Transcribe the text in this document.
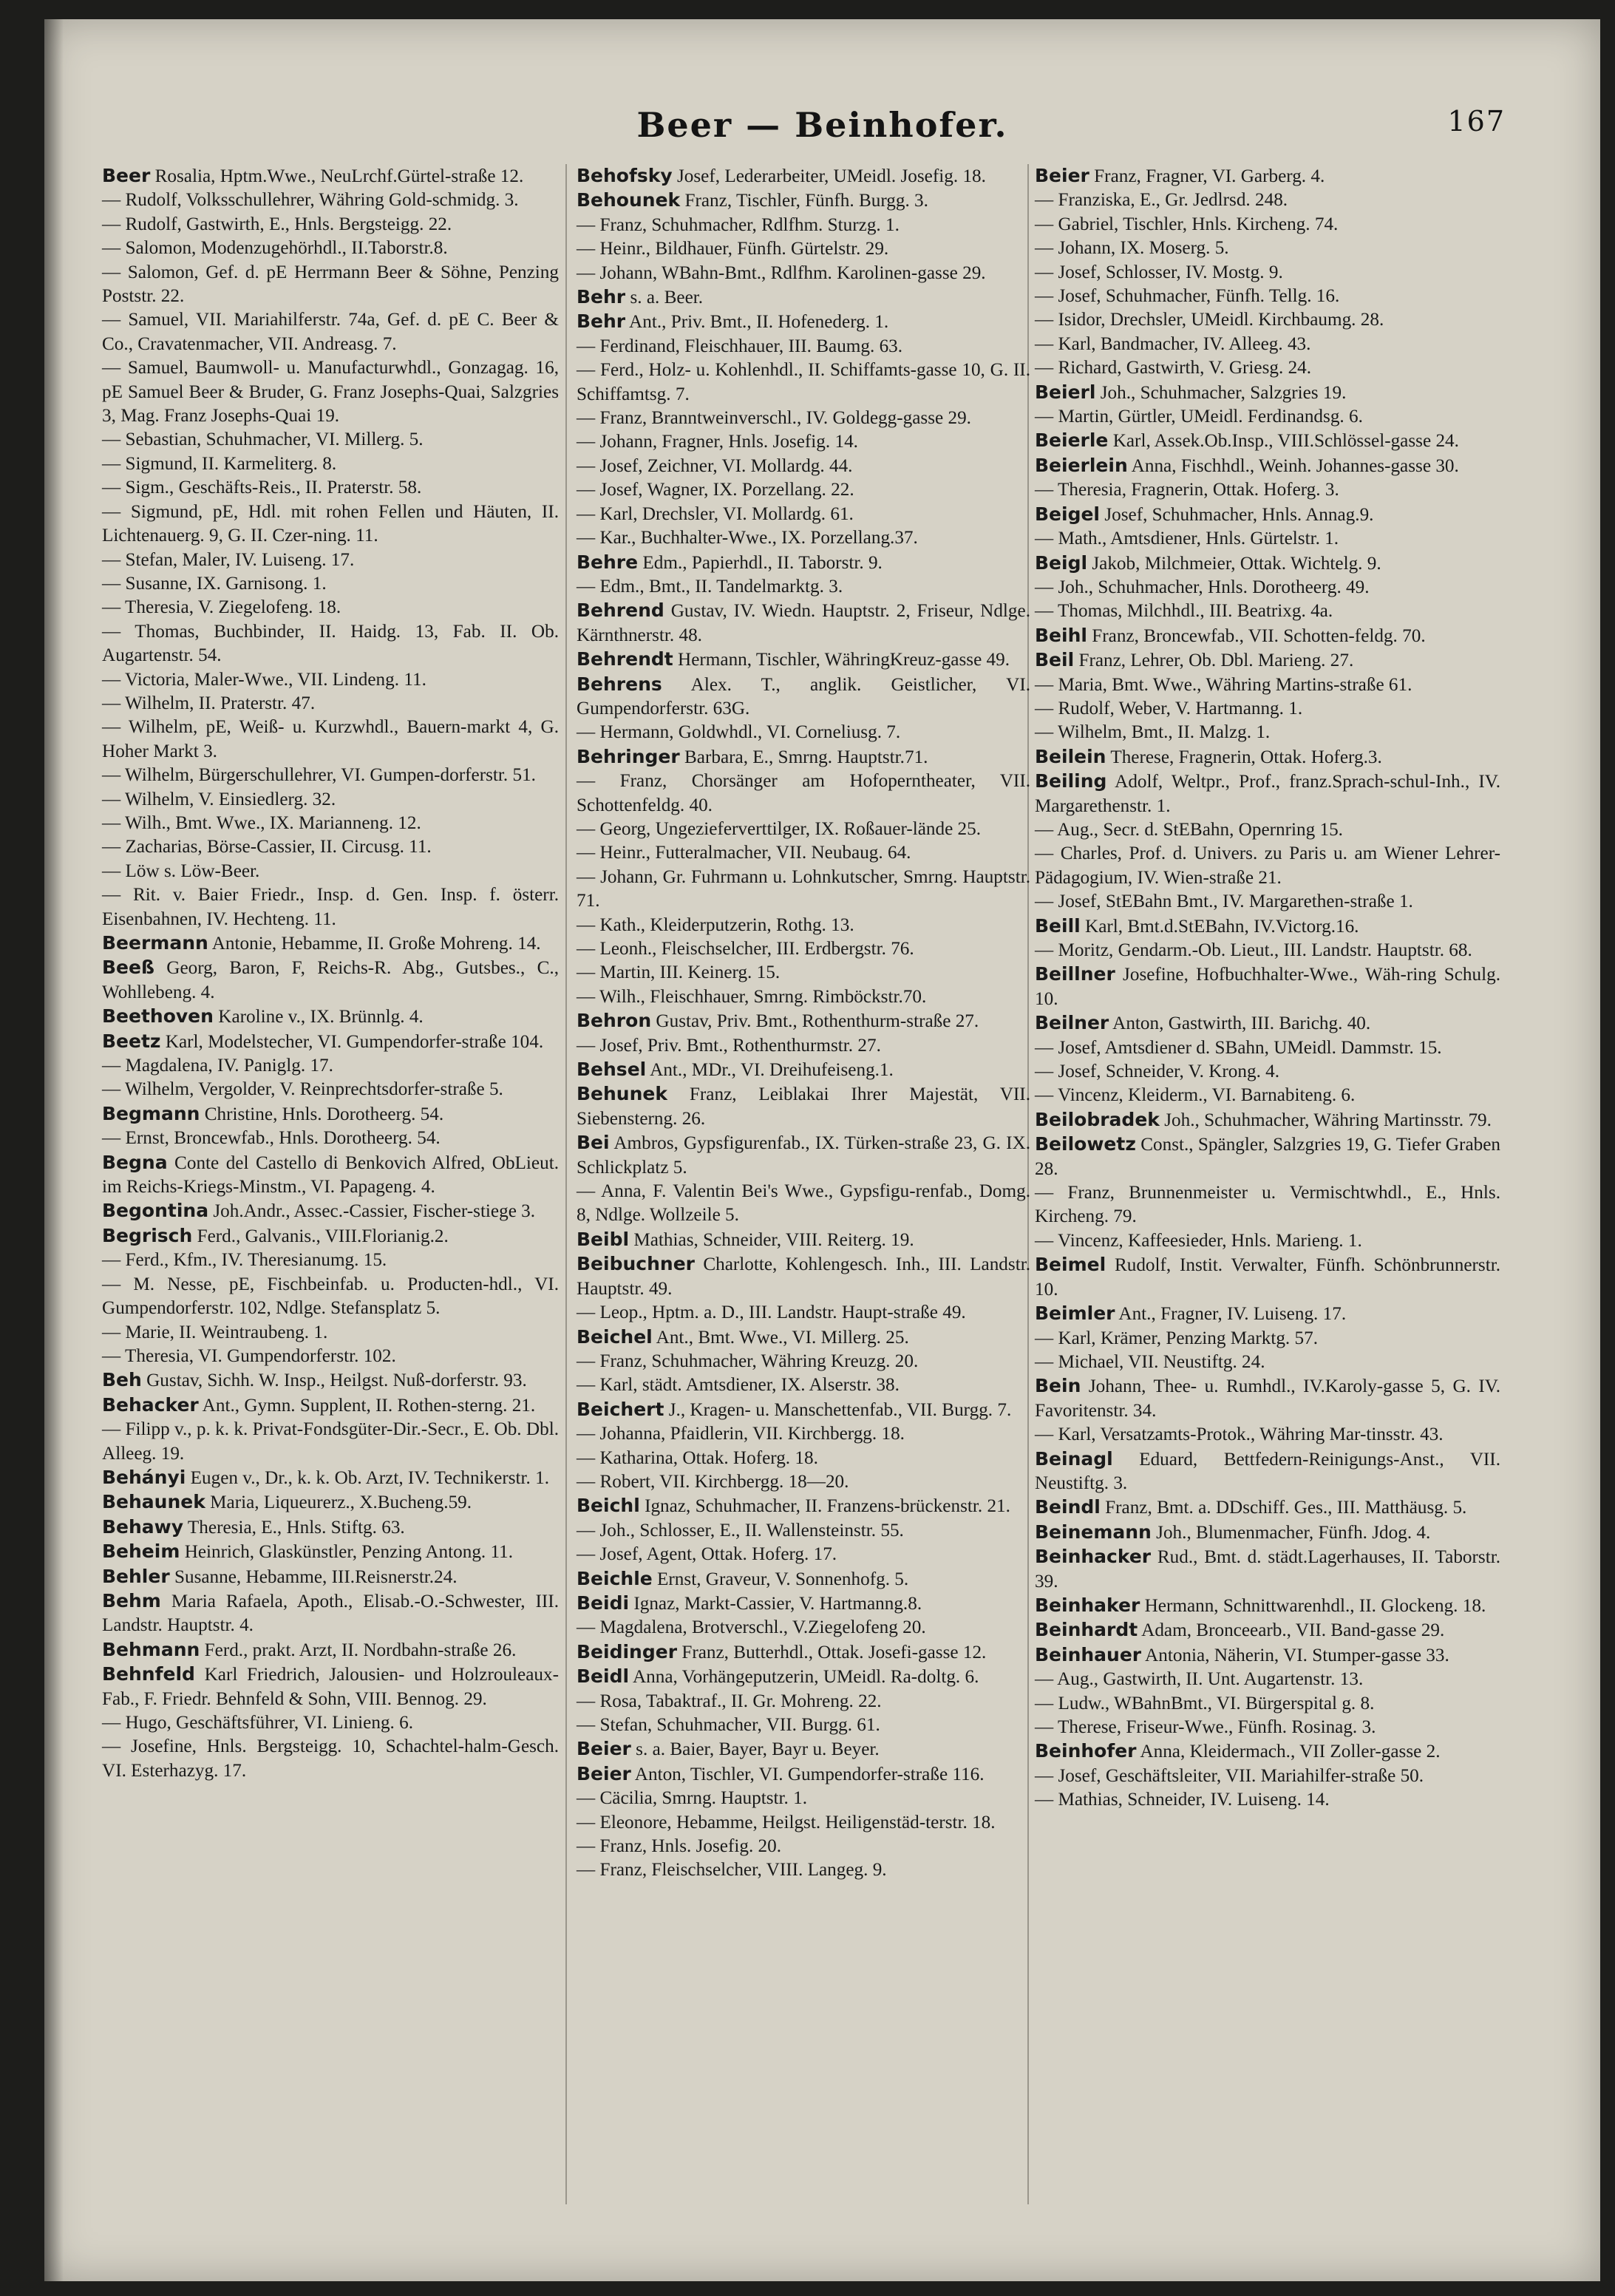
Beer — Beinhofer.	167
Beer Rosalia, Hptm.Wwe., NeuLrchf.Gürtel-straße 12.
— Rudolf, Volksschullehrer, Währing Gold-schmidg. 3.
— Rudolf, Gastwirth, E., Hnls. Bergsteigg. 22.
— Salomon, Modenzugehörhdl., II.Taborstr.8.
— Salomon, Gef. d. pE Herrmann Beer & Söhne, Penzing Poststr. 22.
— Samuel, VII. Mariahilferstr. 74a, Gef. d. pE C. Beer & Co., Cravatenmacher, VII. Andreasg. 7.
— Samuel, Baumwoll- u. Manufacturwhdl., Gonzagag. 16, pE Samuel Beer & Bruder, G. Franz Josephs-Quai, Salzgries 3, Mag. Franz Josephs-Quai 19.
— Sebastian, Schuhmacher, VI. Millerg. 5.
— Sigmund, II. Karmeliterg. 8.
— Sigm., Geschäfts-Reis., II. Praterstr. 58.
— Sigmund, pE, Hdl. mit rohen Fellen und Häuten, II. Lichtenauerg. 9, G. II. Czer-ning. 11.
— Stefan, Maler, IV. Luiseng. 17.
— Susanne, IX. Garnisong. 1.
— Theresia, V. Ziegelofeng. 18.
— Thomas, Buchbinder, II. Haidg. 13, Fab. II. Ob. Augartenstr. 54.
— Victoria, Maler-Wwe., VII. Lindeng. 11.
— Wilhelm, II. Praterstr. 47.
— Wilhelm, pE, Weiß- u. Kurzwhdl., Bauern-markt 4, G. Hoher Markt 3.
— Wilhelm, Bürgerschullehrer, VI. Gumpen-dorferstr. 51.
— Wilhelm, V. Einsiedlerg. 32.
— Wilh., Bmt. Wwe., IX. Marianneng. 12.
— Zacharias, Börse-Cassier, II. Circusg. 11.
— Löw s. Löw-Beer.
— Rit. v. Baier Friedr., Insp. d. Gen. Insp. f. österr. Eisenbahnen, IV. Hechteng. 11.
Beermann Antonie, Hebamme, II. Große Mohreng. 14.
Beeß Georg, Baron, F, Reichs-R. Abg., Gutsbes., C., Wohllebeng. 4.
Beethoven Karoline v., IX. Brünnlg. 4.
Beetz Karl, Modelstecher, VI. Gumpendorfer-straße 104.
— Magdalena, IV. Paniglg. 17.
— Wilhelm, Vergolder, V. Reinprechtsdorfer-straße 5.
Begmann Christine, Hnls. Dorotheerg. 54.
— Ernst, Broncewfab., Hnls. Dorotheerg. 54.
Begna Conte del Castello di Benkovich Alfred, ObLieut. im Reichs-Kriegs-Minstm., VI. Papageng. 4.
Begontina Joh.Andr., Assec.-Cassier, Fischer-stiege 3.
Begrisch Ferd., Galvanis., VIII.Florianig.2.
— Ferd., Kfm., IV. Theresianumg. 15.
— M. Nesse, pE, Fischbeinfab. u. Producten-hdl., VI. Gumpendorferstr. 102, Ndlge. Stefansplatz 5.
— Marie, II. Weintraubeng. 1.
— Theresia, VI. Gumpendorferstr. 102.
Beh Gustav, Sichh. W. Insp., Heilgst. Nuß-dorferstr. 93.
Behacker Ant., Gymn. Supplent, II. Rothen-sterng. 21.
— Filipp v., p. k. k. Privat-Fondsgüter-Dir.-Secr., E. Ob. Dbl. Alleeg. 19.
Behányi Eugen v., Dr., k. k. Ob. Arzt, IV. Technikerstr. 1.
Behaunek Maria, Liqueurerz., X.Bucheng.59.
Behawy Theresia, E., Hnls. Stiftg. 63.
Beheim Heinrich, Glaskünstler, Penzing Antong. 11.
Behler Susanne, Hebamme, III.Reisnerstr.24.
Behm Maria Rafaela, Apoth., Elisab.-O.-Schwester, III. Landstr. Hauptstr. 4.
Behmann Ferd., prakt. Arzt, II. Nordbahn-straße 26.
Behnfeld Karl Friedrich, Jalousien- und Holzrouleaux-Fab., F. Friedr. Behnfeld & Sohn, VIII. Bennog. 29.
— Hugo, Geschäftsführer, VI. Linieng. 6.
— Josefine, Hnls. Bergsteigg. 10, Schachtel-halm-Gesch. VI. Esterhazyg. 17.
Behofsky Josef, Lederarbeiter, UMeidl. Josefig. 18.
Behounek Franz, Tischler, Fünfh. Burgg. 3.
— Franz, Schuhmacher, Rdlfhm. Sturzg. 1.
— Heinr., Bildhauer, Fünfh. Gürtelstr. 29.
— Johann, WBahn-Bmt., Rdlfhm. Karolinen-gasse 29.
Behr s. a. Beer.
Behr Ant., Priv. Bmt., II. Hofenederg. 1.
— Ferdinand, Fleischhauer, III. Baumg. 63.
— Ferd., Holz- u. Kohlenhdl., II. Schiffamts-gasse 10, G. II. Schiffamtsg. 7.
— Franz, Branntweinverschl., IV. Goldegg-gasse 29.
— Johann, Fragner, Hnls. Josefig. 14.
— Josef, Zeichner, VI. Mollardg. 44.
— Josef, Wagner, IX. Porzellang. 22.
— Karl, Drechsler, VI. Mollardg. 61.
— Kar., Buchhalter-Wwe., IX. Porzellang.37.
Behre Edm., Papierhdl., II. Taborstr. 9.
— Edm., Bmt., II. Tandelmarktg. 3.
Behrend Gustav, IV. Wiedn. Hauptstr. 2, Friseur, Ndlge. Kärnthnerstr. 48.
Behrendt Hermann, Tischler, WähringKreuz-gasse 49.
Behrens Alex. T., anglik. Geistlicher, VI. Gumpendorferstr. 63G.
— Hermann, Goldwhdl., VI. Corneliusg. 7.
Behringer Barbara, E., Smrng. Hauptstr.71.
— Franz, Chorsänger am Hofoperntheater, VII. Schottenfeldg. 40.
— Georg, Ungezieferverttilger, IX. Roßauer-lände 25.
— Heinr., Futteralmacher, VII. Neubaug. 64.
— Johann, Gr. Fuhrmann u. Lohnkutscher, Smrng. Hauptstr. 71.
— Kath., Kleiderputzerin, Rothg. 13.
— Leonh., Fleischselcher, III. Erdbergstr. 76.
— Martin, III. Keinerg. 15.
— Wilh., Fleischhauer, Smrng. Rimböckstr.70.
Behron Gustav, Priv. Bmt., Rothenthurm-straße 27.
— Josef, Priv. Bmt., Rothenthurmstr. 27.
Behsel Ant., MDr., VI. Dreihufeiseng.1.
Behunek Franz, Leiblakai Ihrer Majestät, VII. Siebensterng. 26.
Bei Ambros, Gypsfigurenfab., IX. Türken-straße 23, G. IX. Schlickplatz 5.
— Anna, F. Valentin Bei's Wwe., Gypsfigu-renfab., Domg. 8, Ndlge. Wollzeile 5.
Beibl Mathias, Schneider, VIII. Reiterg. 19.
Beibuchner Charlotte, Kohlengesch. Inh., III. Landstr. Hauptstr. 49.
— Leop., Hptm. a. D., III. Landstr. Haupt-straße 49.
Beichel Ant., Bmt. Wwe., VI. Millerg. 25.
— Franz, Schuhmacher, Währing Kreuzg. 20.
— Karl, städt. Amtsdiener, IX. Alserstr. 38.
Beichert J., Kragen- u. Manschettenfab., VII. Burgg. 7.
— Johanna, Pfaidlerin, VII. Kirchbergg. 18.
— Katharina, Ottak. Hoferg. 18.
— Robert, VII. Kirchbergg. 18—20.
Beichl Ignaz, Schuhmacher, II. Franzens-brückenstr. 21.
— Joh., Schlosser, E., II. Wallensteinstr. 55.
— Josef, Agent, Ottak. Hoferg. 17.
Beichle Ernst, Graveur, V. Sonnenhofg. 5.
Beidi Ignaz, Markt-Cassier, V. Hartmanng.8.
— Magdalena, Brotverschl., V.Ziegelofeng 20.
Beidinger Franz, Butterhdl., Ottak. Josefi-gasse 12.
Beidl Anna, Vorhängeputzerin, UMeidl. Ra-doltg. 6.
— Rosa, Tabaktraf., II. Gr. Mohreng. 22.
— Stefan, Schuhmacher, VII. Burgg. 61.
Beier s. a. Baier, Bayer, Bayr u. Beyer.
Beier Anton, Tischler, VI. Gumpendorfer-straße 116.
— Cäcilia, Smrng. Hauptstr. 1.
— Eleonore, Hebamme, Heilgst. Heiligenstäd-terstr. 18.
— Franz, Hnls. Josefig. 20.
— Franz, Fleischselcher, VIII. Langeg. 9.
Beier Franz, Fragner, VI. Garberg. 4.
— Franziska, E., Gr. Jedlrsd. 248.
— Gabriel, Tischler, Hnls. Kircheng. 74.
— Johann, IX. Moserg. 5.
— Josef, Schlosser, IV. Mostg. 9.
— Josef, Schuhmacher, Fünfh. Tellg. 16.
— Isidor, Drechsler, UMeidl. Kirchbaumg. 28.
— Karl, Bandmacher, IV. Alleeg. 43.
— Richard, Gastwirth, V. Griesg. 24.
Beierl Joh., Schuhmacher, Salzgries 19.
— Martin, Gürtler, UMeidl. Ferdinandsg. 6.
Beierle Karl, Assek.Ob.Insp., VIII.Schlössel-gasse 24.
Beierlein Anna, Fischhdl., Weinh. Johannes-gasse 30.
— Theresia, Fragnerin, Ottak. Hoferg. 3.
Beigel Josef, Schuhmacher, Hnls. Annag.9.
— Math., Amtsdiener, Hnls. Gürtelstr. 1.
Beigl Jakob, Milchmeier, Ottak. Wichtelg. 9.
— Joh., Schuhmacher, Hnls. Dorotheerg. 49.
— Thomas, Milchhdl., III. Beatrixg. 4a.
Beihl Franz, Broncewfab., VII. Schotten-feldg. 70.
Beil Franz, Lehrer, Ob. Dbl. Marieng. 27.
— Maria, Bmt. Wwe., Währing Martins-straße 61.
— Rudolf, Weber, V. Hartmanng. 1.
— Wilhelm, Bmt., II. Malzg. 1.
Beilein Therese, Fragnerin, Ottak. Hoferg.3.
Beiling Adolf, Weltpr., Prof., franz.Sprach-schul-Inh., IV. Margarethenstr. 1.
— Aug., Secr. d. StEBahn, Opernring 15.
— Charles, Prof. d. Univers. zu Paris u. am Wiener Lehrer-Pädagogium, IV. Wien-straße 21.
— Josef, StEBahn Bmt., IV. Margarethen-straße 1.
Beill Karl, Bmt.d.StEBahn, IV.Victorg.16.
— Moritz, Gendarm.-Ob. Lieut., III. Landstr. Hauptstr. 68.
Beillner Josefine, Hofbuchhalter-Wwe., Wäh-ring Schulg. 10.
Beilner Anton, Gastwirth, III. Barichg. 40.
— Josef, Amtsdiener d. SBahn, UMeidl. Dammstr. 15.
— Josef, Schneider, V. Krong. 4.
— Vincenz, Kleiderm., VI. Barnabiteng. 6.
Beilobradek Joh., Schuhmacher, Währing Martinsstr. 79.
Beilowetz Const., Spängler, Salzgries 19, G. Tiefer Graben 28.
— Franz, Brunnenmeister u. Vermischtwhdl., E., Hnls. Kircheng. 79.
— Vincenz, Kaffeesieder, Hnls. Marieng. 1.
Beimel Rudolf, Instit. Verwalter, Fünfh. Schönbrunnerstr. 10.
Beimler Ant., Fragner, IV. Luiseng. 17.
— Karl, Krämer, Penzing Marktg. 57.
— Michael, VII. Neustiftg. 24.
Bein Johann, Thee- u. Rumhdl., IV.Karoly-gasse 5, G. IV. Favoritenstr. 34.
— Karl, Versatzamts-Protok., Währing Mar-tinsstr. 43.
Beinagl Eduard, Bettfedern-Reinigungs-Anst., VII. Neustiftg. 3.
Beindl Franz, Bmt. a. DDschiff. Ges., III. Matthäusg. 5.
Beinemann Joh., Blumenmacher, Fünfh. Jdog. 4.
Beinhacker Rud., Bmt. d. städt.Lagerhauses, II. Taborstr. 39.
Beinhaker Hermann, Schnittwarenhdl., II. Glockeng. 18.
Beinhardt Adam, Bronceearb., VII. Band-gasse 29.
Beinhauer Antonia, Näherin, VI. Stumper-gasse 33.
— Aug., Gastwirth, II. Unt. Augartenstr. 13.
— Ludw., WBahnBmt., VI. Bürgerspital g. 8.
— Therese, Friseur-Wwe., Fünfh. Rosinag. 3.
Beinhofer Anna, Kleidermach., VII Zoller-gasse 2.
— Josef, Geschäftsleiter, VII. Mariahilfer-straße 50.
— Mathias, Schneider, IV. Luiseng. 14.
